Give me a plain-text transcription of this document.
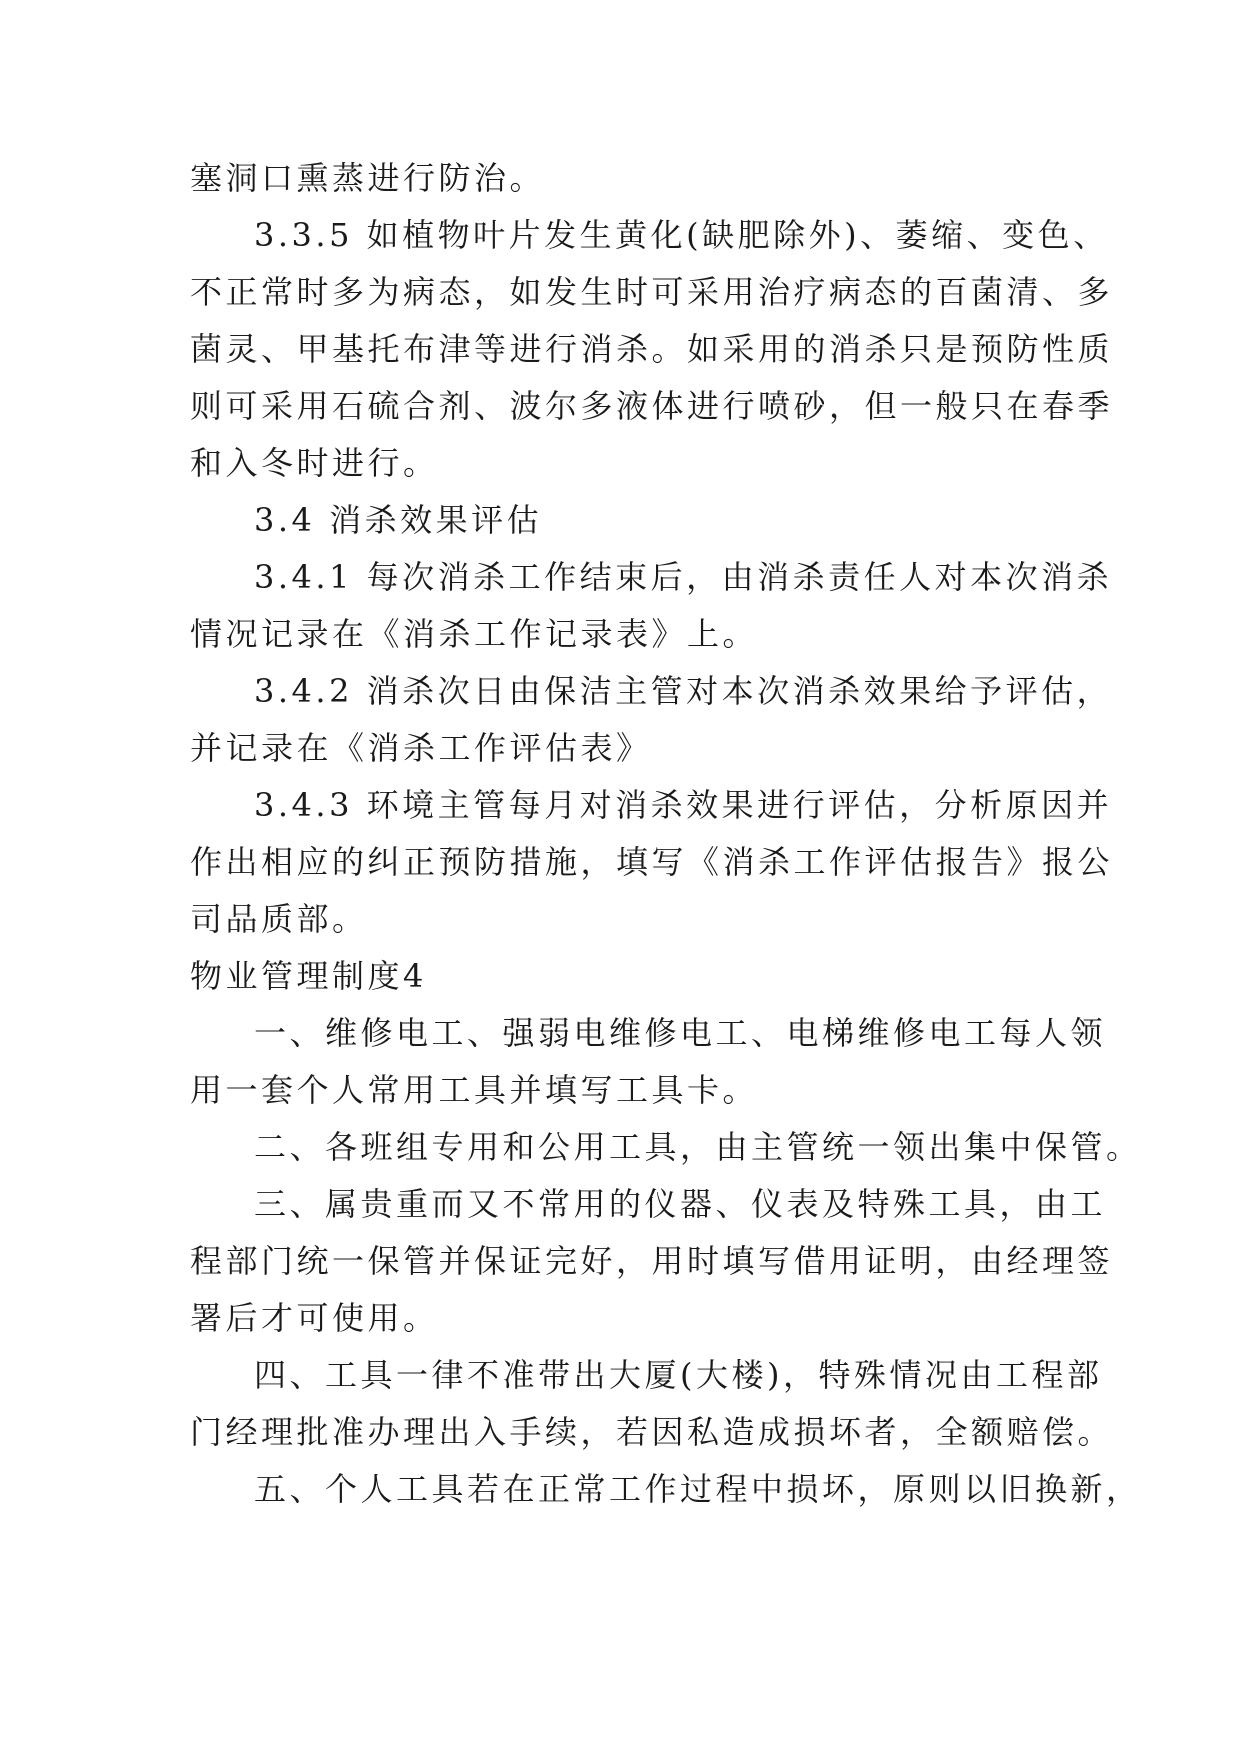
塞洞口熏蒸进行防治。

3.3.5 如植物叶片发生黄化(缺肥除外)、萎缩、变色、

不正常时多为病态，如发生时可采用治疗病态的百菌清、多

菌灵、甲基托布津等进行消杀。如采用的消杀只是预防性质

则可采用石硫合剂、波尔多液体进行喷砂，但一般只在春季

和入冬时进行。

3.4 消杀效果评估

3.4.1 每次消杀工作结束后，由消杀责任人对本次消杀

情况记录在《消杀工作记录表》上。

3.4.2 消杀次日由保洁主管对本次消杀效果给予评估，

并记录在《消杀工作评估表》

3.4.3 环境主管每月对消杀效果进行评估，分析原因并

作出相应的纠正预防措施，填写《消杀工作评估报告》报公

司品质部。

物业管理制度4

一、维修电工、强弱电维修电工、电梯维修电工每人领

用一套个人常用工具并填写工具卡。

二、各班组专用和公用工具，由主管统一领出集中保管。

三、属贵重而又不常用的仪器、仪表及特殊工具，由工

程部门统一保管并保证完好，用时填写借用证明，由经理签

署后才可使用。

四、工具一律不准带出大厦(大楼)，特殊情况由工程部

门经理批准办理出入手续，若因私造成损坏者，全额赔偿。

五、个人工具若在正常工作过程中损坏，原则以旧换新，
